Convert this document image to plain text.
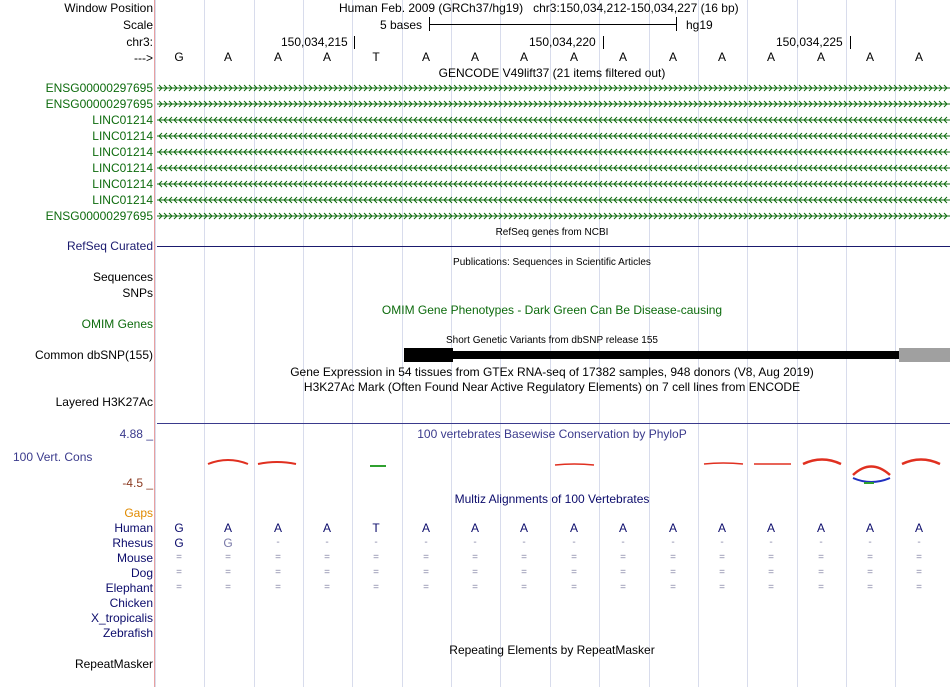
Window Position	Human Feb. 2009 (GRCh37/hg19) chr3:150,034,212-150,034,227 (16 bp)
Scale	5 bases	hg19
chr3:	150,034,215	150,034,220	150,034,225
---> G	A	A	A	T	A	A	A	A	A	A	A	A	A	A	A
GENCODE V49lift37 (21 items filtered out)
ENSG00000297695
ENSG00000297695
LINC01214
LINC01214
LINC01214
LINC01214
LINC01214
LINC01214
ENSG00000297695
RefSeq genes from NCBI
RefSeq Curated
Publications: Sequences in Scientific Articles
Sequences
SNPs
OMIM Gene Phenotypes - Dark Green Can Be Disease-causing
OMIM Genes
Short Genetic Variants from dbSNP release 155
Common dbSNP(155)
Gene Expression in 54 tissues from GTEx RNA-seq of 17382 samples, 948 donors (V8, Aug 2019)
H3K27Ac Mark (Often Found Near Active Regulatory Elements) on 7 cell lines from ENCODE
Layered H3K27Ac
4.88 _	100 vertebrates Basewise Conservation by PhyloP
100 Vert. Cons
-4.5 _
Multiz Alignments of 100 Vertebrates
Gaps
Human G	A	A	A	T	A	A	A	A	A	A	A	A	A	A	A
Rhesus G	G	-	-	-	-	-	-	-	-	-	-	-	-	-	-
Mouse	=	=	=	=	=	=	=	=	=	=	=	=	=	=	=	=
Dog	=	=	=	=	=	=	=	=	=	=	=	=	=	=	=	=
Elephant	=	=	=	=	=	=	=	=	=	=	=	=	=	=	=	=
Chicken
X_tropicalis
Zebrafish
Repeating Elements by RepeatMasker
RepeatMasker
